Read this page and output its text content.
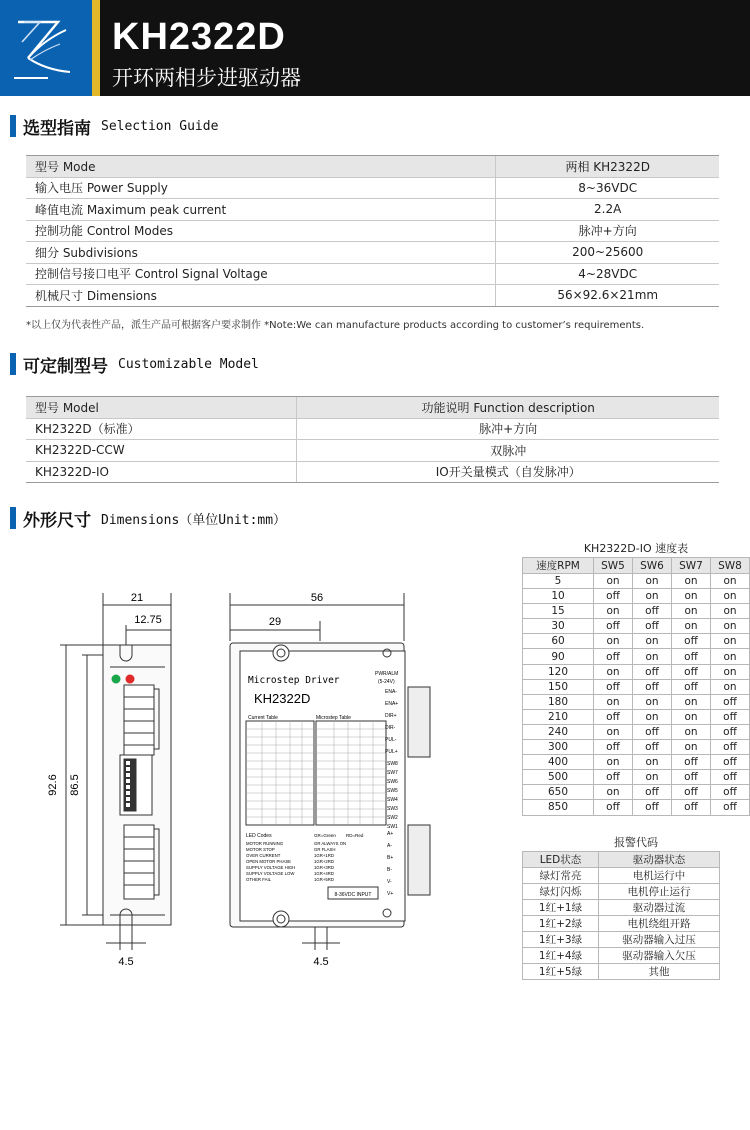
KH2322D
开环两相步进驱动器
选型指南 Selection Guide
型号 Mode	两相 KH2322D
输入电压 Power Supply	8~36VDC
峰值电流 Maximum peak current	2.2A
控制功能 Control Modes	脉冲+方向
细分 Subdivisions	200~25600
控制信号接口电平 Control Signal Voltage	4~28VDC
机械尺寸 Dimensions	56×92.6×21mm
*以上仅为代表性产品，派生产品可根据客户要求制作 *Note:We can manufacture products according to customer’s requirements.
可定制型号 Customizable Model
型号 Model	功能说明 Function description
KH2322D（标准）	脉冲+方向
KH2322D-CCW	双脉冲
KH2322D-IO	IO开关量模式（自发脉冲）
外形尺寸 Dimensions（单位Unit:mm）
21
12.75
92.6 86.5
4.5
Microstep Driver
KH2322D
Current Table	Microstep Table
PWR/ALM
(5-24V)
ENA-
ENA+
DIR+
DIR-
PUL-
PUL+
SW8
SW7
SW6
SW5
SW4
SW3
SW2
SW1
A+
A-
B+
B-
V-
V+
LED Codes	GR=Green RD=Red
MOTOR RUNNING	GR ALWAYS ON
MOTOR STOP	GR FLASH
OVER CURRENT	1GR+1RD
OPEN MOTOR PHASE	1GR+2RD
SUPPLY VOLTAGE HIGH	1GR+3RD
SUPPLY VOLTAGE LOW	1GR+4RD
OTHER FAIL	1GR+5RD
8-36VDC INPUT
56
29
4.5
KH2322D-IO 速度表
速度RPM	SW5	SW6	SW7	SW8
5	on	on	on	on
10	off	on	on	on
15	on	off	on	on
30	off	off	on	on
60	on	on	off	on
90	off	on	off	on
120	on	off	off	on
150	off	off	off	on
180	on	on	on	off
210	off	on	on	off
240	on	off	on	off
300	off	off	on	off
400	on	on	off	off
500	off	on	off	off
650	on	off	off	off
850	off	off	off	off
报警代码
LED状态	驱动器状态
绿灯常亮	电机运行中
绿灯闪烁	电机停止运行
1红+1绿	驱动器过流
1红+2绿	电机绕组开路
1红+3绿	驱动器输入过压
1红+4绿	驱动器输入欠压
1红+5绿	其他
